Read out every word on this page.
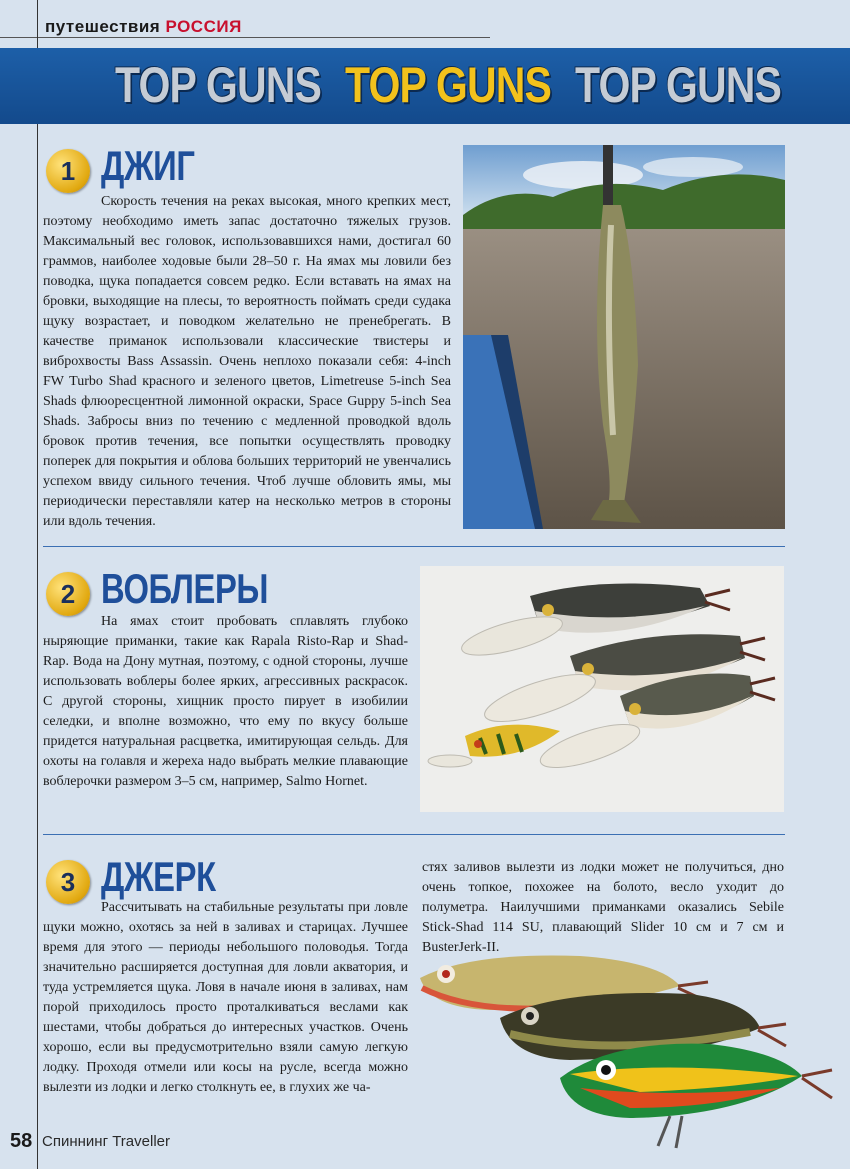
путешествия РОССИЯ
TOP GUNS TOP GUNS TOP GUNS
1 ДЖИГ
Скорость течения на реках высокая, много крепких мест, поэтому необходимо иметь запас достаточно тяжелых грузов. Максимальный вес головок, использовавшихся нами, достигал 60 граммов, наиболее ходовые были 28–50 г. На ямах мы ловили без поводка, щука попадается совсем редко. Если вставать на ямах на бровки, выходящие на плесы, то вероятность поймать среди судака щуку возрастает, и поводком желательно не пренебрегать. В качестве приманок использовали классические твистеры и виброхвосты Bass Assassin. Очень неплохо показали себя: 4-inch FW Turbo Shad красного и зеленого цветов, Limetreuse 5-inch Sea Shads флюоресцентной лимонной окраски, Space Guppy 5-inch Sea Shads. Забросы вниз по течению с медленной проводкой вдоль бровок против течения, все попытки осуществлять проводку поперек для покрытия и облова больших территорий не увенчались успехом ввиду сильного течения. Чтоб лучше обловить ямы, мы периодически переставляли катер на несколько метров в стороны или вдоль течения.
2 ВОБЛЕРЫ
На ямах стоит пробовать сплавлять глубоко ныряющие приманки, такие как Rapala Risto-Rap и Shad-Rap. Вода на Дону мутная, поэтому, с одной стороны, лучше использовать воблеры более ярких, агрессивных раскрасок. С другой стороны, хищник просто пирует в изобилии селедки, и вполне возможно, что ему по вкусу больше придется натуральная расцветка, имитирующая сельдь. Для охоты на голавля и жереха надо выбрать мелкие плавающие воблерочки размером 3–5 см, например, Salmo Hornet.
3 ДЖЕРК
Рассчитывать на стабильные результаты при ловле щуки можно, охотясь за ней в заливах и старицах. Лучшее время для этого — периоды небольшого половодья. Тогда значительно расширяется доступная для ловли акватория, и туда устремляется щука. Ловя в начале июня в заливах, нам порой приходилось просто проталкиваться веслами как шестами, чтобы добраться до интересных участков. Очень хорошо, если вы предусмотрительно взяли самую легкую лодку. Проходя отмели или косы на русле, всегда можно вылезти из лодки и легко столкнуть ее, в глухих же ча-
стях заливов вылезти из лодки может не получиться, дно очень топкое, похожее на болото, весло уходит до полуметра. Наилучшими приманками оказались Sebile Stick-Shad 114 SU, плавающий Slider 10 см и 7 см и BusterJerk-II.
58 Спиннинг Traveller
